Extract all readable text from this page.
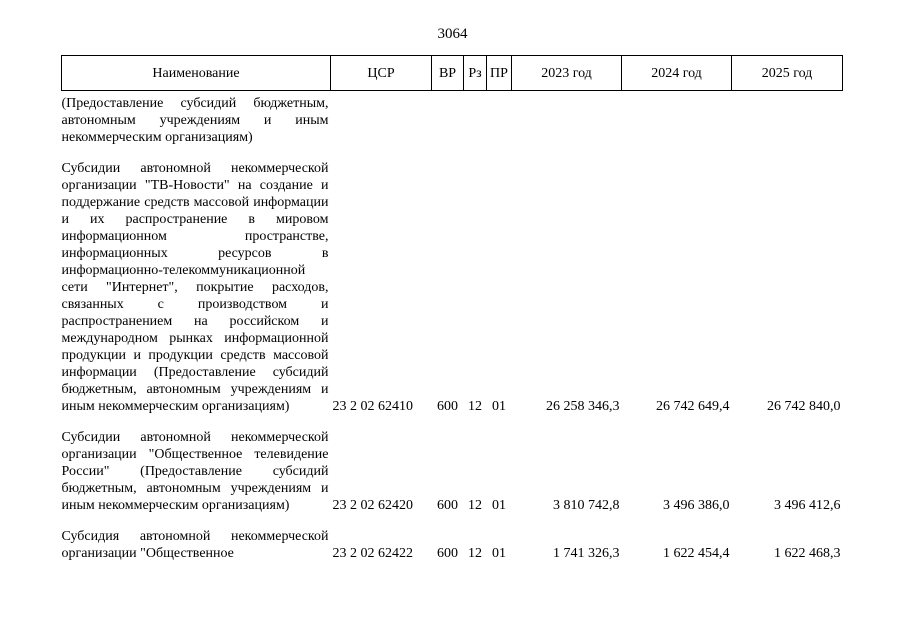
3064
Наименование	ЦСР	ВР	Рз	ПР	2023 год	2024 год	2025 год

(Предоставление субсидий бюджетным, автономным учреждениям и иным некоммерческим организациям)							

Субсидии автономной некоммерческой организации "ТВ-Новости" на создание и поддержание средств массовой информации и их распространение в мировом информационном пространстве, информационных ресурсов в информационно-телекоммуникационной сети "Интернет", покрытие расходов, связанных с производством и распространением на российском и международном рынках информационной продукции и продукции средств массовой информации (Предоставление субсидий бюджетным, автономным учреждениям и иным некоммерческим организациям)	23 2 02 62410	600	12	01	26 258 346,3	26 742 649,4	26 742 840,0

Субсидии автономной некоммерческой организации "Общественное телевидение России" (Предоставление субсидий бюджетным, автономным учреждениям и иным некоммерческим организациям)	23 2 02 62420	600	12	01	3 810 742,8	3 496 386,0	3 496 412,6

Субсидия автономной некоммерческой организации "Общественное	23 2 02 62422	600	12	01	1 741 326,3	1 622 454,4	1 622 468,3
